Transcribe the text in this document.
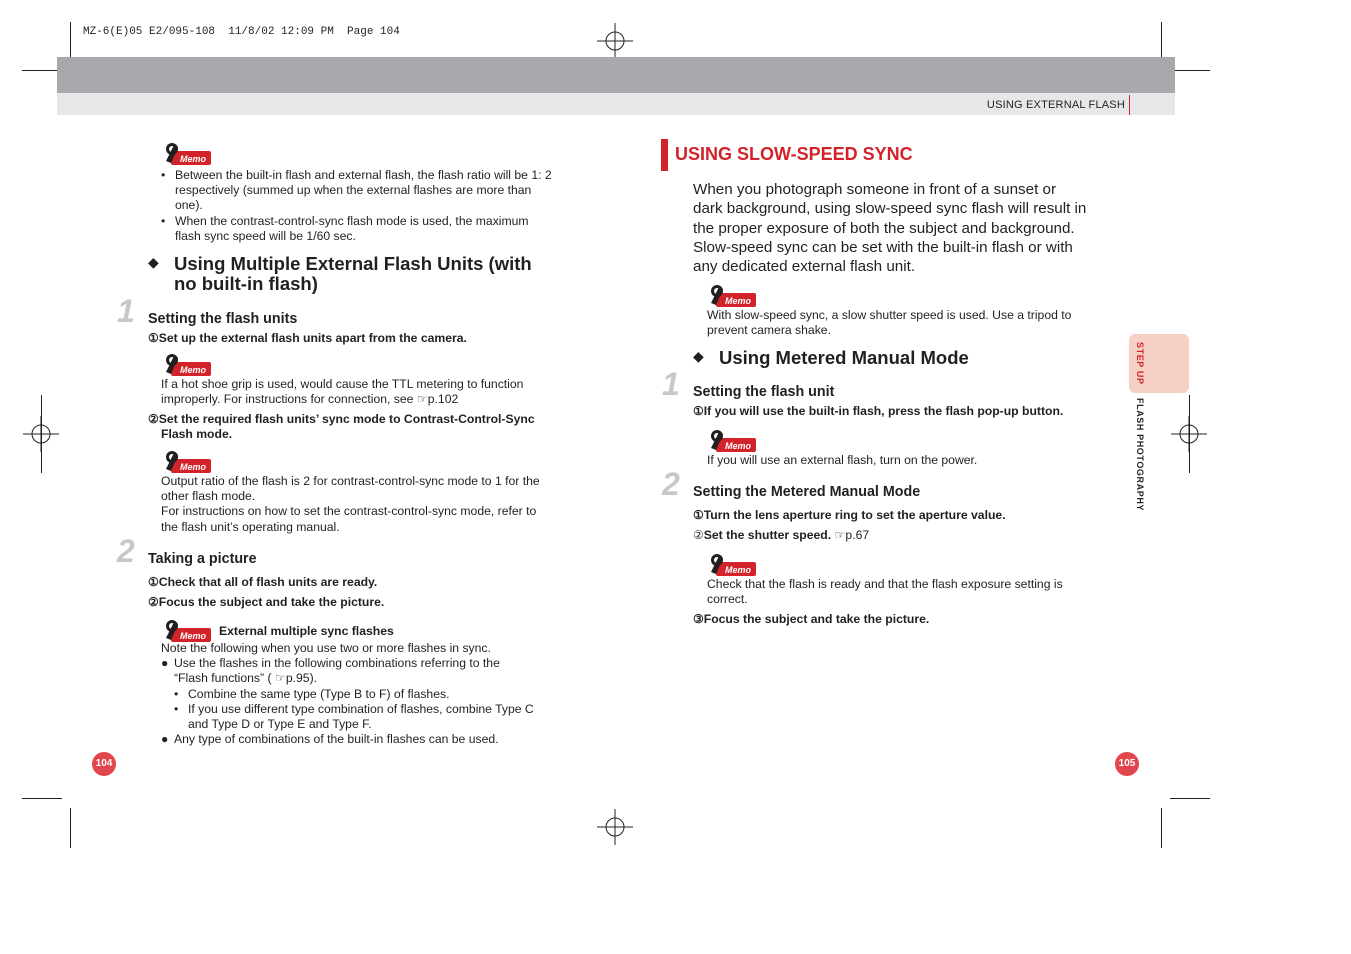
MZ-6(E)05 E2/095-108  11/8/02 12:09 PM  Page 104
USING EXTERNAL FLASH
Memo
• Between the built-in flash and external flash, the flash ratio will be 1: 2 respectively (summed up when the external flashes are more than one).
• When the contrast-control-sync flash mode is used, the maximum flash sync speed will be 1/60 sec.
◆ Using Multiple External Flash Units (with
no built-in flash)
1 Setting the flash units
①Set up the external flash units apart from the camera.
Memo
If a hot shoe grip is used, would cause the TTL metering to function
improperly. For instructions for connection, see ☞p.102
②Set the required flash units’ sync mode to Contrast-Control-Sync
Flash mode.
Memo
Output ratio of the flash is 2 for contrast-control-sync mode to 1 for the
other flash mode.
For instructions on how to set the contrast-control-sync mode, refer to
the flash unit’s operating manual.
2 Taking a picture
①Check that all of flash units are ready.
②Focus the subject and take the picture.
Memo External multiple sync flashes
Note the following when you use two or more flashes in sync.
● Use the flashes in the following combinations referring to the
“Flash functions” ( ☞p.95).
• Combine the same type (Type B to F) of flashes.
• If you use different type combination of flashes, combine Type C
and Type D or Type E and Type F.
● Any type of combinations of the built-in flashes can be used.
104
USING SLOW-SPEED SYNC
When you photograph someone in front of a sunset or
dark background, using slow-speed sync flash will result in
the proper exposure of both the subject and background.
Slow-speed sync can be set with the built-in flash or with
any dedicated external flash unit.
Memo
With slow-speed sync, a slow shutter speed is used. Use a tripod to
prevent camera shake.
◆ Using Metered Manual Mode
1 Setting the flash unit
①If you will use the built-in flash, press the flash pop-up button.
Memo
If you will use an external flash, turn on the power.
2 Setting the Metered Manual Mode
①Turn the lens aperture ring to set the aperture value.
②Set the shutter speed. ☞p.67
Memo
Check that the flash is ready and that the flash exposure setting is
correct.
③Focus the subject and take the picture.
105
STEP UP
FLASH PHOTOGRAPHY
